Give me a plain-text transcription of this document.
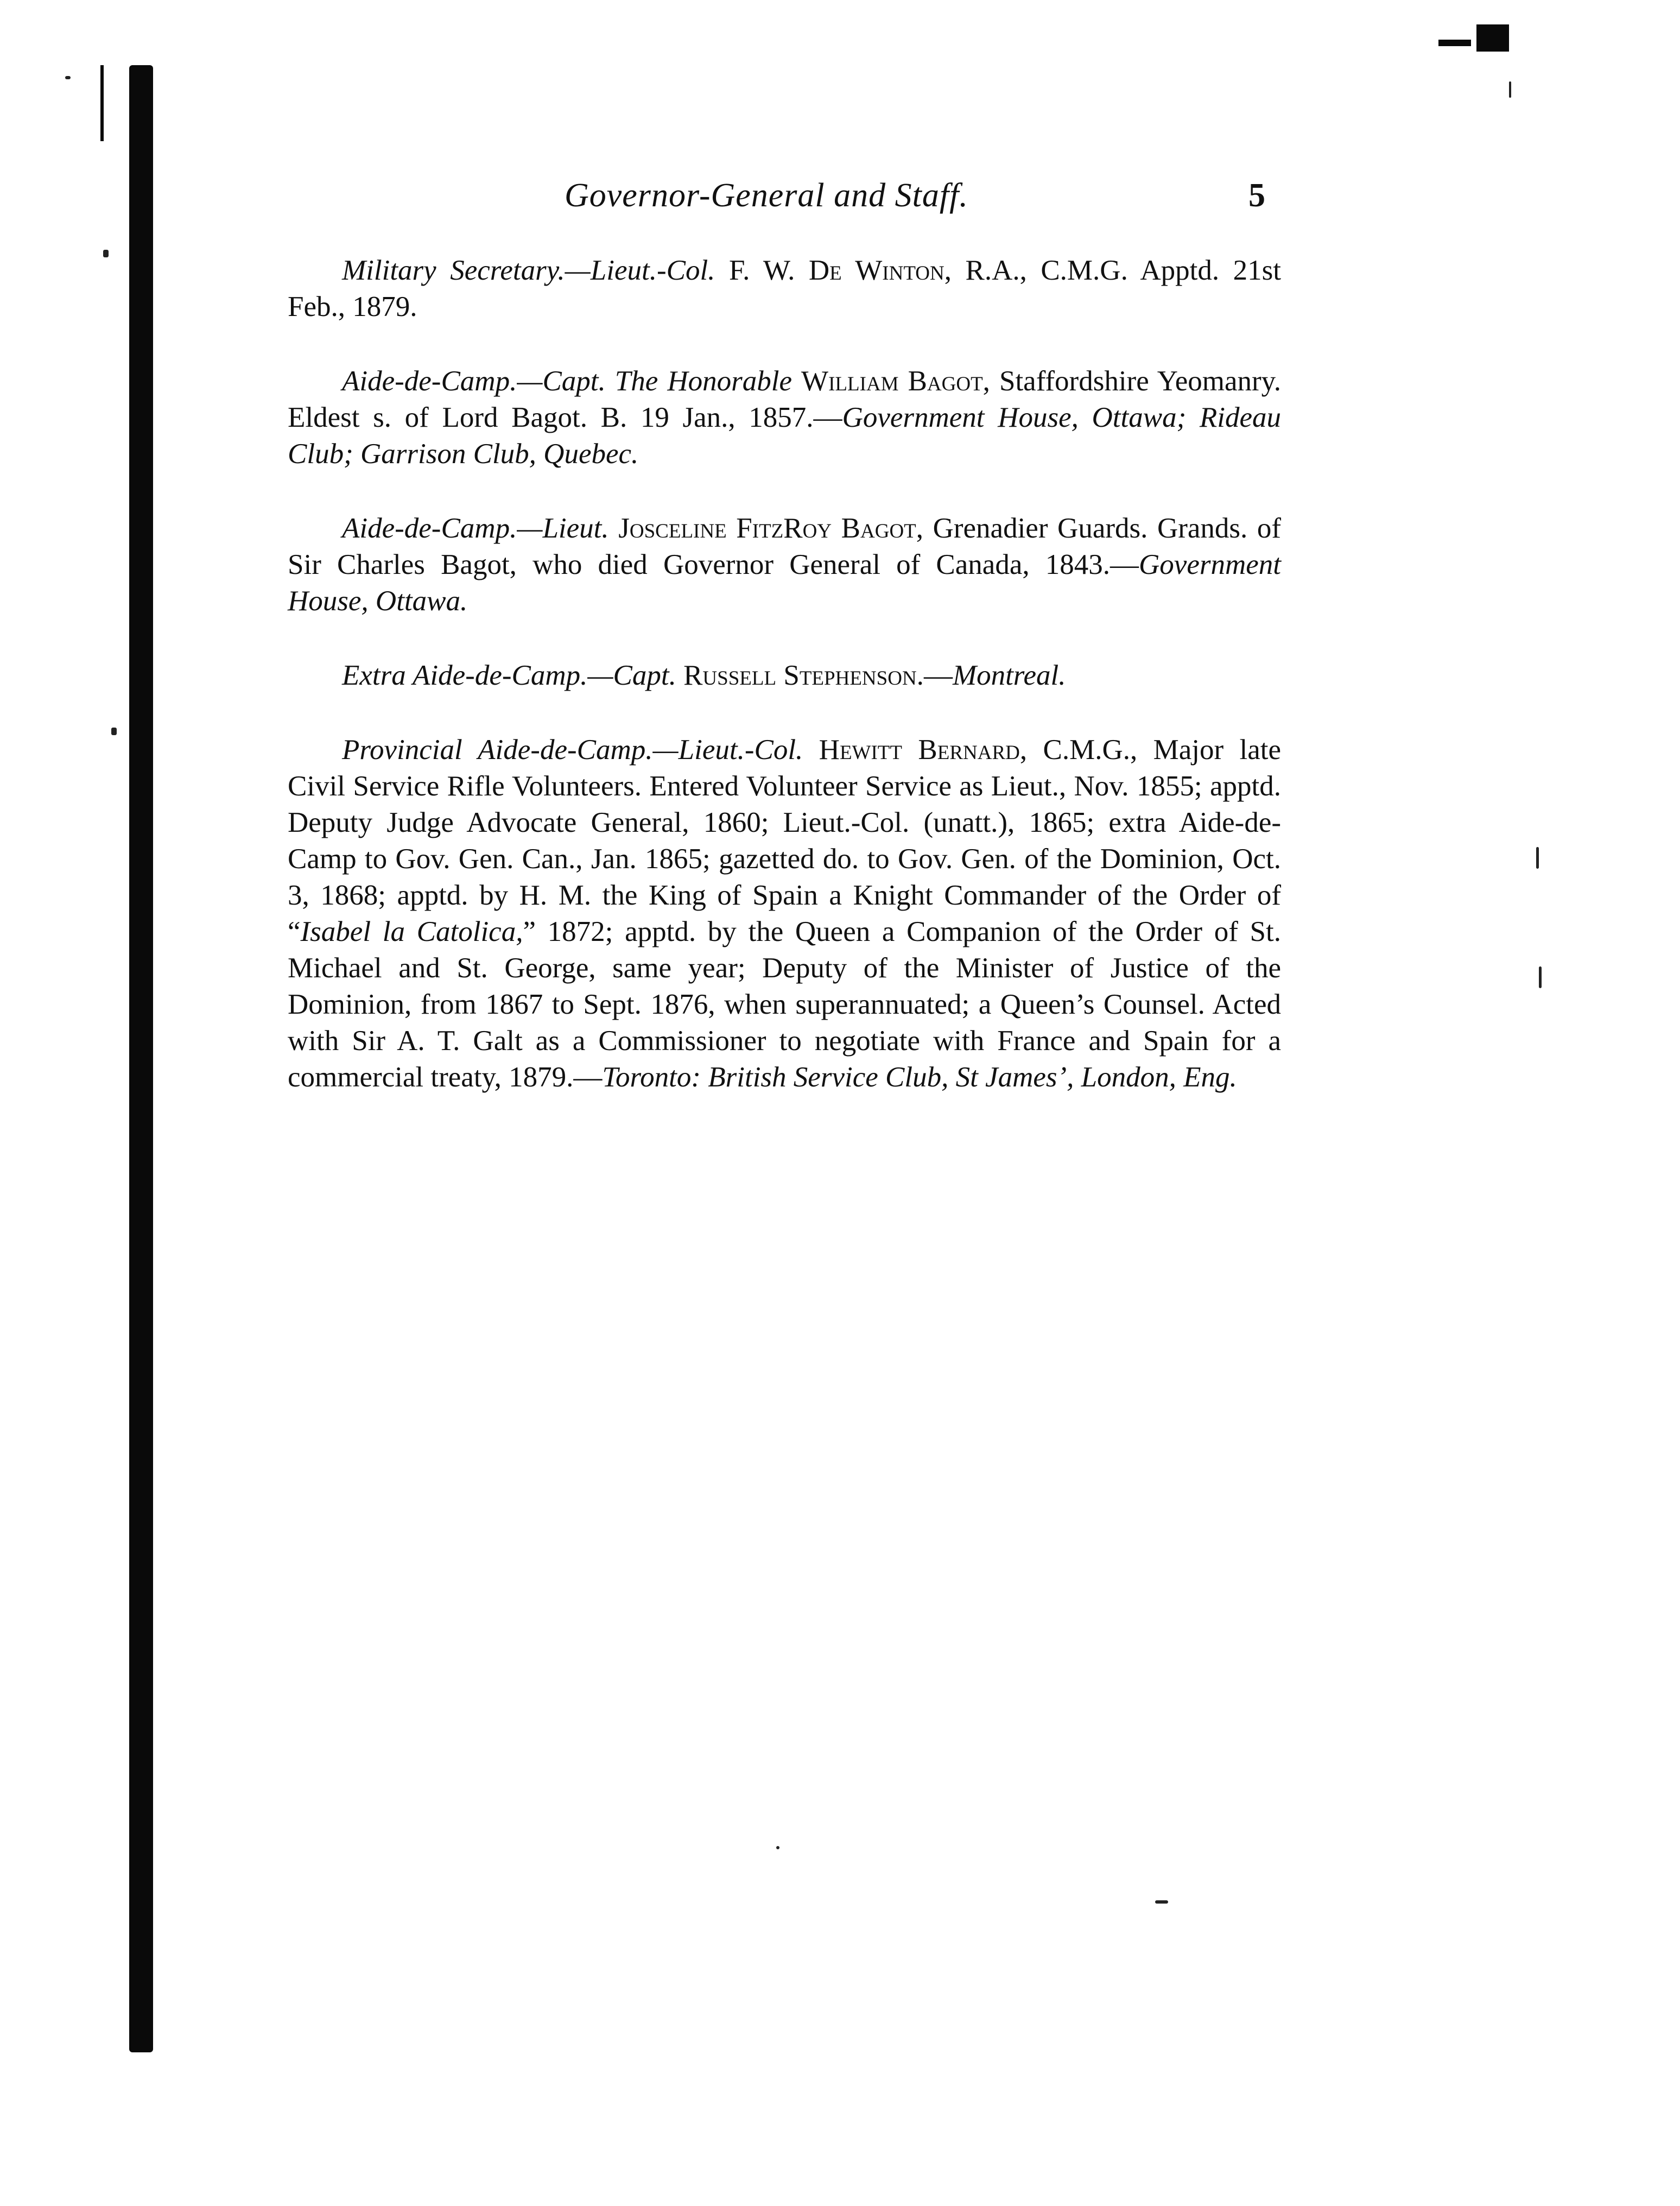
Governor-General and Staff.	5

Military Secretary.—Lieut.-Col. F. W. De Winton, R.A., C.M.G. Apptd. 21st Feb., 1879.

Aide-de-Camp.—Capt. The Honorable William Bagot, Staffordshire Yeomanry. Eldest s. of Lord Bagot. B. 19 Jan., 1857.—Government House, Ottawa; Rideau Club; Garrison Club, Quebec.

Aide-de-Camp.—Lieut. Josceline FitzRoy Bagot, Grenadier Guards. Grands. of Sir Charles Bagot, who died Governor General of Canada, 1843.—Government House, Ottawa.

Extra Aide-de-Camp.—Capt. Russell Stephenson.—Montreal.

Provincial Aide-de-Camp.—Lieut.-Col. Hewitt Bernard, C.M.G., Major late Civil Service Rifle Volunteers. Entered Volunteer Service as Lieut., Nov. 1855; apptd. Deputy Judge Advocate General, 1860; Lieut.-Col. (unatt.), 1865; extra Aide-de-Camp to Gov. Gen. Can., Jan. 1865; gazetted do. to Gov. Gen. of the Dominion, Oct. 3, 1868; apptd. by H. M. the King of Spain a Knight Commander of the Order of “Isabel la Catolica,” 1872; apptd. by the Queen a Companion of the Order of St. Michael and St. George, same year; Deputy of the Minister of Justice of the Dominion, from 1867 to Sept. 1876, when superannuated; a Queen’s Counsel. Acted with Sir A. T. Galt as a Commissioner to negotiate with France and Spain for a commercial treaty, 1879.—Toronto: British Service Club, St James’, London, Eng.
